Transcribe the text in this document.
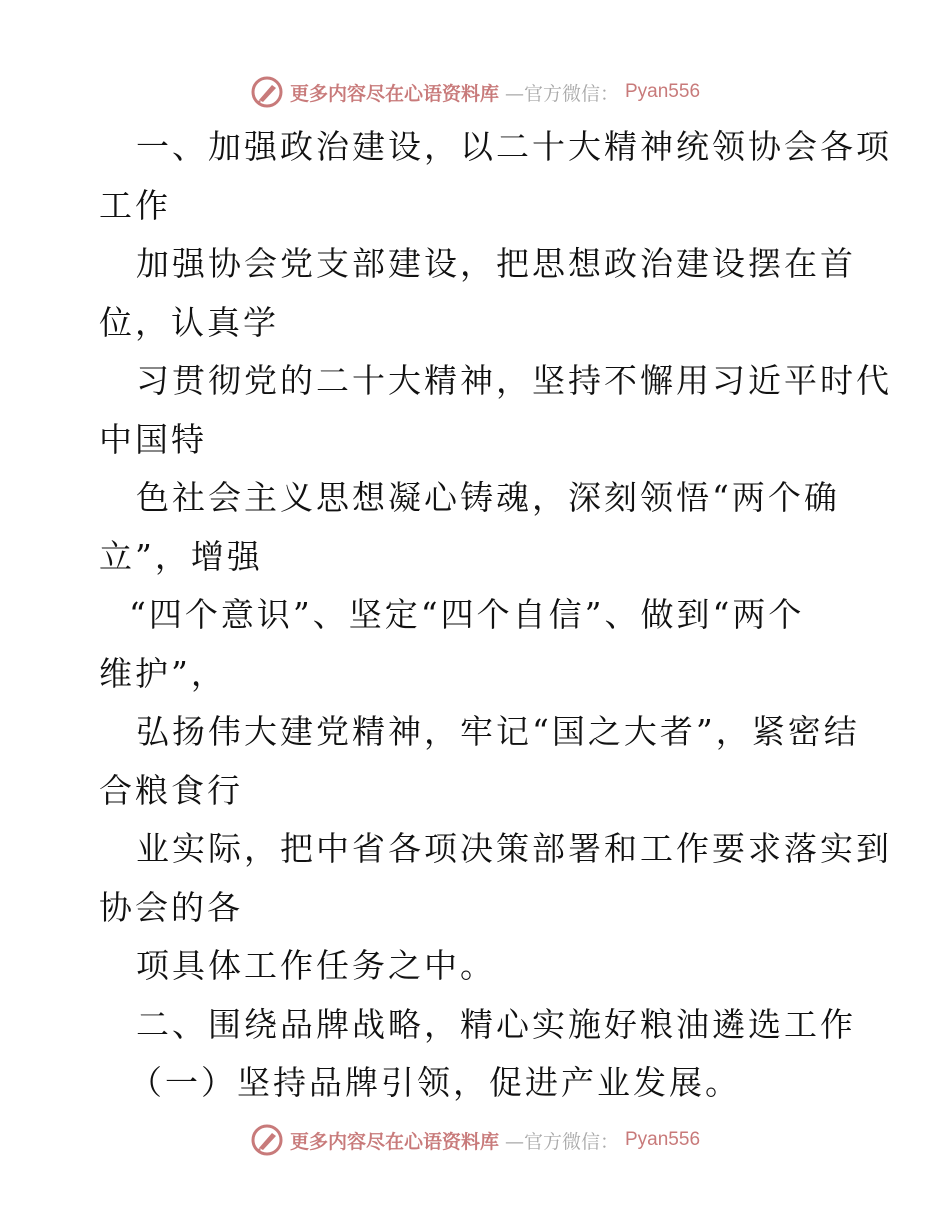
更多内容尽在心语资料库 —官方微信： Pyan556
一、加强政治建设，以二十大精神统领协会各项
工作
加强协会党支部建设，把思想政治建设摆在首
位，认真学
习贯彻党的二十大精神，坚持不懈用习近平时代
中国特
色社会主义思想凝心铸魂，深刻领悟“两个确
立”，增强
“四个意识”、坚定“四个自信”、做到“两个
维护”，
弘扬伟大建党精神，牢记“国之大者”，紧密结
合粮食行
业实际，把中省各项决策部署和工作要求落实到
协会的各
项具体工作任务之中。
二、围绕品牌战略，精心实施好粮油遴选工作
（一）坚持品牌引领，促进产业发展。
更多内容尽在心语资料库 —官方微信： Pyan556
